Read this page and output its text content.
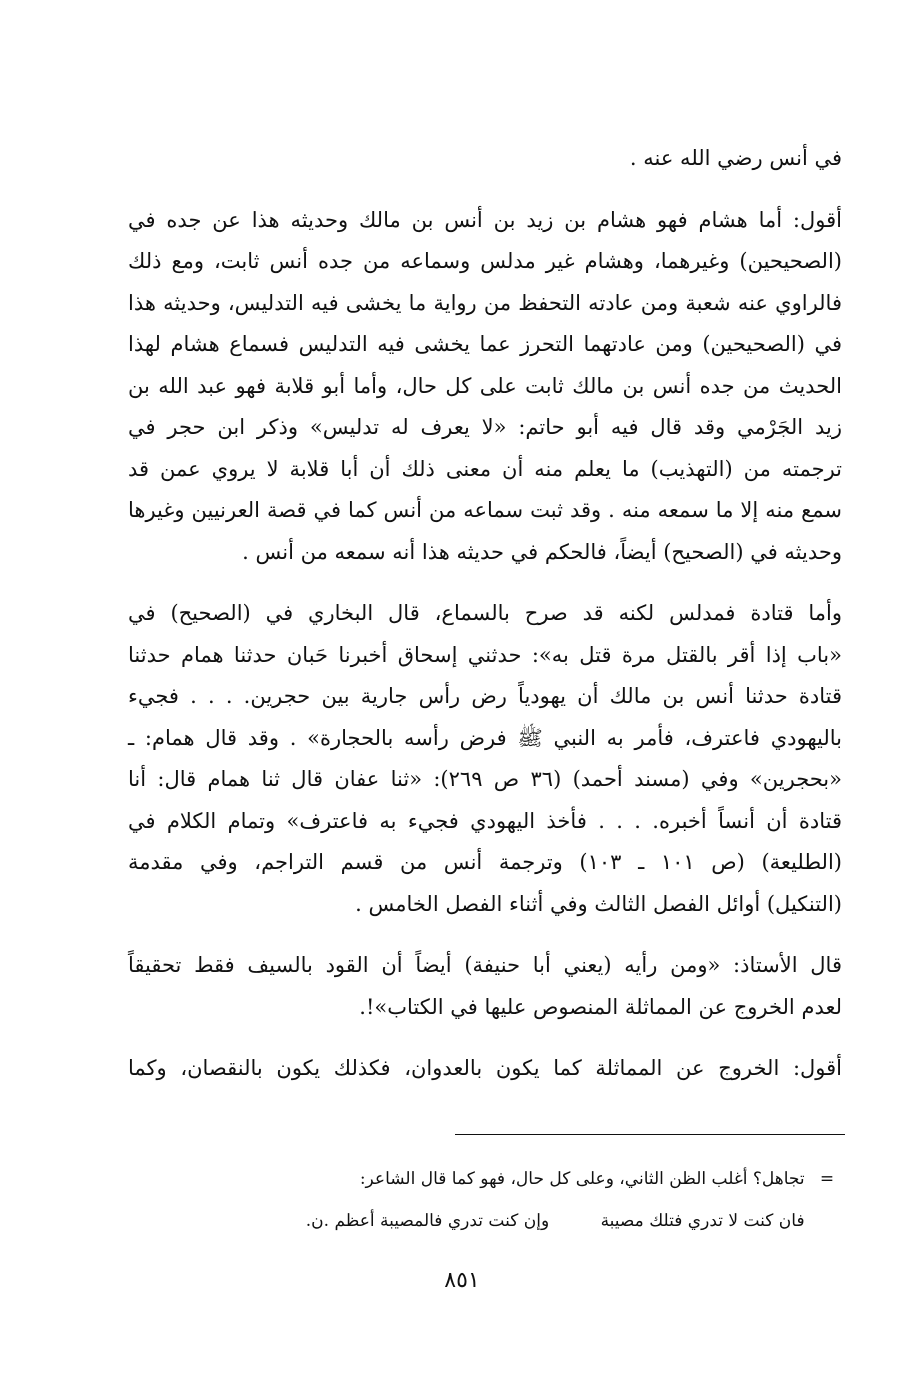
في أنس رضي الله عنه .

أقول: أما هشام فهو هشام بن زيد بن أنس بن مالك وحديثه هذا عن جده في
(الصحيحين) وغيرهما، وهشام غير مدلس وسماعه من جده أنس ثابت، ومع ذلك
فالراوي عنه شعبة ومن عادته التحفظ من رواية ما يخشى فيه التدليس، وحديثه هذا
في (الصحيحين) ومن عادتهما التحرز عما يخشى فيه التدليس فسماع هشام لهذا
الحديث من جده أنس بن مالك ثابت على كل حال، وأما أبو قلابة فهو عبد الله بن
زيد الجَرْمي وقد قال فيه أبو حاتم: «لا يعرف له تدليس» وذكر ابن حجر في
ترجمته من (التهذيب) ما يعلم منه أن معنى ذلك أن أبا قلابة لا يروي عمن قد
سمع منه إلا ما سمعه منه . وقد ثبت سماعه من أنس كما في قصة العرنيين وغيرها
وحديثه في (الصحيح) أيضاً، فالحكم في حديثه هذا أنه سمعه من أنس .

وأما قتادة فمدلس لكنه قد صرح بالسماع، قال البخاري في (الصحيح) في
«باب إذا أقر بالقتل مرة قتل به»: حدثني إسحاق أخبرنا حَبان حدثنا همام حدثنا
قتادة حدثنا أنس بن مالك أن يهودياً رض رأس جارية بين حجرين. . . . فجيء
باليهودي فاعترف، فأمر به النبي ﷺ فرض رأسه بالحجارة» . وقد قال همام: ـ
«بحجرين» وفي (مسند أحمد) (٣٦ ص ٢٦٩): «ثنا عفان قال ثنا همام قال: أنا
قتادة أن أنساً أخبره. . . . فأخذ اليهودي فجيء به فاعترف» وتمام الكلام في
(الطليعة) (ص ١٠١ ـ ١٠٣) وترجمة أنس من قسم التراجم، وفي مقدمة
(التنكيل) أوائل الفصل الثالث وفي أثناء الفصل الخامس .

قال الأستاذ: «ومن رأيه (يعني أبا حنيفة) أيضاً أن القود بالسيف فقط تحقيقاً
لعدم الخروج عن المماثلة المنصوص عليها في الكتاب»!.

أقول: الخروج عن المماثلة كما يكون بالعدوان، فكذلك يكون بالنقصان، وكما

= تجاهل؟ أغلب الظن الثاني، وعلى كل حال، فهو كما قال الشاعر:
فان كنت لا تدري فتلك مصيبة وإن كنت تدري فالمصيبة أعظم .ن.
٨٥١
